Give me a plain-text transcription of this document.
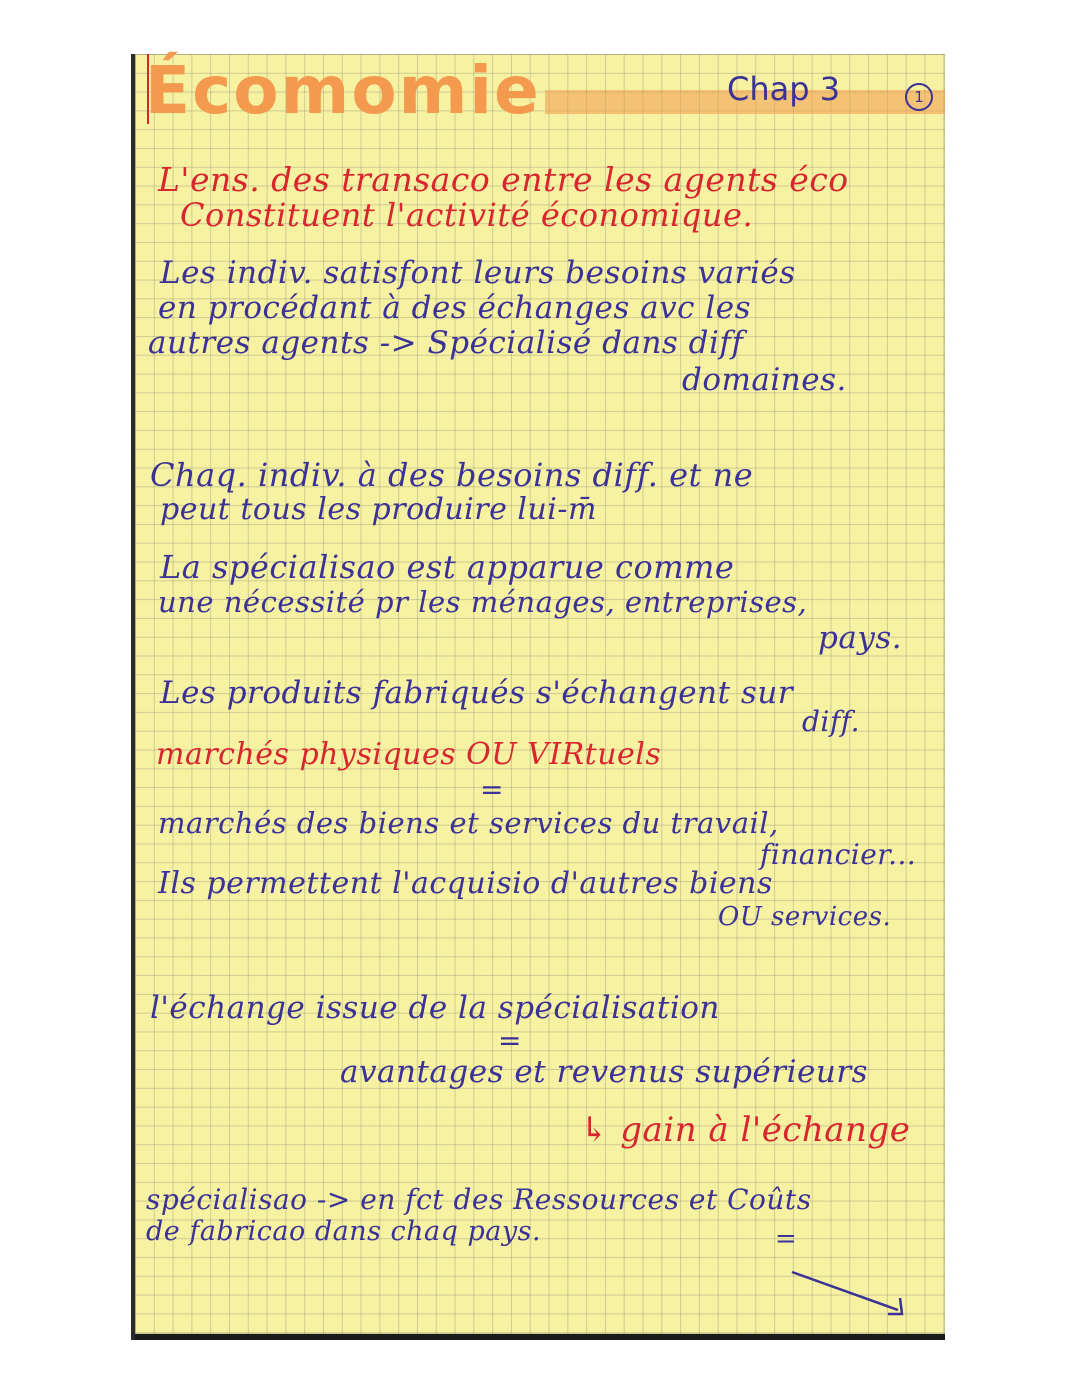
Écomomie	Chap 3	1
L'ens. des transaco entre les agents éco
Constituent l'activité économique.
Les indiv. satisfont leurs besoins variés
en procédant à des échanges avc les
autres agents -> Spécialisé dans diff
domaines.
Chaq. indiv. à des besoins diff. et ne
peut tous les produire lui-m̄
La spécialisao est apparue comme
une nécessité pr les ménages, entreprises,
pays.
Les produits fabriqués s'échangent sur
diff.
marchés physiques OU VIRtuels
=
marchés des biens et services du travail,
financier...
Ils permettent l'acquisio d'autres biens
OU services.
l'échange issue de la spécialisation
=
avantages et revenus supérieurs
↳ gain à l'échange
spécialisao -> en fct des Ressources et Coûts
de fabricao dans chaq pays.	=
